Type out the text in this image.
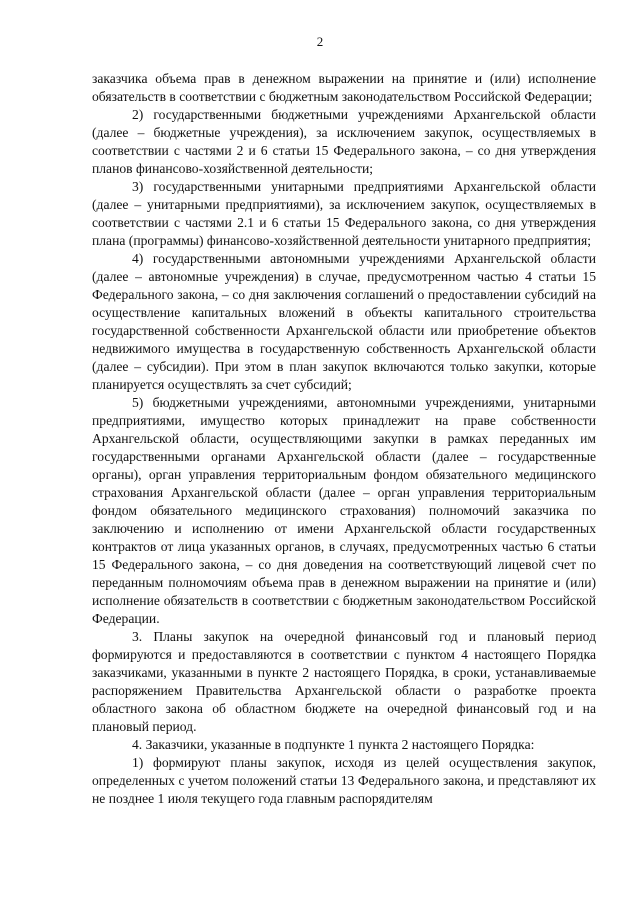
2

заказчика объема прав в денежном выражении на принятие и (или) исполнение обязательств в соответствии с бюджетным законодательством Российской Федерации;

2) государственными бюджетными учреждениями Архангельской области (далее – бюджетные учреждения), за исключением закупок, осуществляемых в соответствии с частями 2 и 6 статьи 15 Федерального закона, – со дня утверждения планов финансово-хозяйственной деятельности;

3) государственными унитарными предприятиями Архангельской области (далее – унитарными предприятиями), за исключением закупок, осуществляемых в соответствии с частями 2.1 и 6 статьи 15 Федерального закона, со дня утверждения плана (программы) финансово-хозяйственной деятельности унитарного предприятия;

4) государственными автономными учреждениями Архангельской области (далее – автономные учреждения) в случае, предусмотренном частью 4 статьи 15 Федерального закона, – со дня заключения соглашений о предоставлении субсидий на осуществление капитальных вложений в объекты капитального строительства государственной собственности Архангельской области или приобретение объектов недвижимого имущества в государственную собственность Архангельской области (далее – субсидии). При этом в план закупок включаются только закупки, которые планируется осуществлять за счет субсидий;

5) бюджетными учреждениями, автономными учреждениями, унитарными предприятиями, имущество которых принадлежит на праве собственности Архангельской области, осуществляющими закупки в рамках переданных им государственными органами Архангельской области (далее – государственные органы), орган управления территориальным фондом обязательного медицинского страхования Архангельской области (далее – орган управления территориальным фондом обязательного медицинского страхования) полномочий заказчика по заключению и исполнению от имени Архангельской области государственных контрактов от лица указанных органов, в случаях, предусмотренных частью 6 статьи 15 Федерального закона, – со дня доведения на соответствующий лицевой счет по переданным полномочиям объема прав в денежном выражении на принятие и (или) исполнение обязательств в соответствии с бюджетным законодательством Российской Федерации.

3. Планы закупок на очередной финансовый год и плановый период формируются и предоставляются в соответствии с пунктом 4 настоящего Порядка заказчиками, указанными в пункте 2 настоящего Порядка, в сроки, устанавливаемые распоряжением Правительства Архангельской области о разработке проекта областного закона об областном бюджете на очередной финансовый год и на плановый период.

4. Заказчики, указанные в подпункте 1 пункта 2 настоящего Порядка:

1) формируют планы закупок, исходя из целей осуществления закупок, определенных с учетом положений статьи 13 Федерального закона, и представляют их не позднее 1 июля текущего года главным распорядителям
